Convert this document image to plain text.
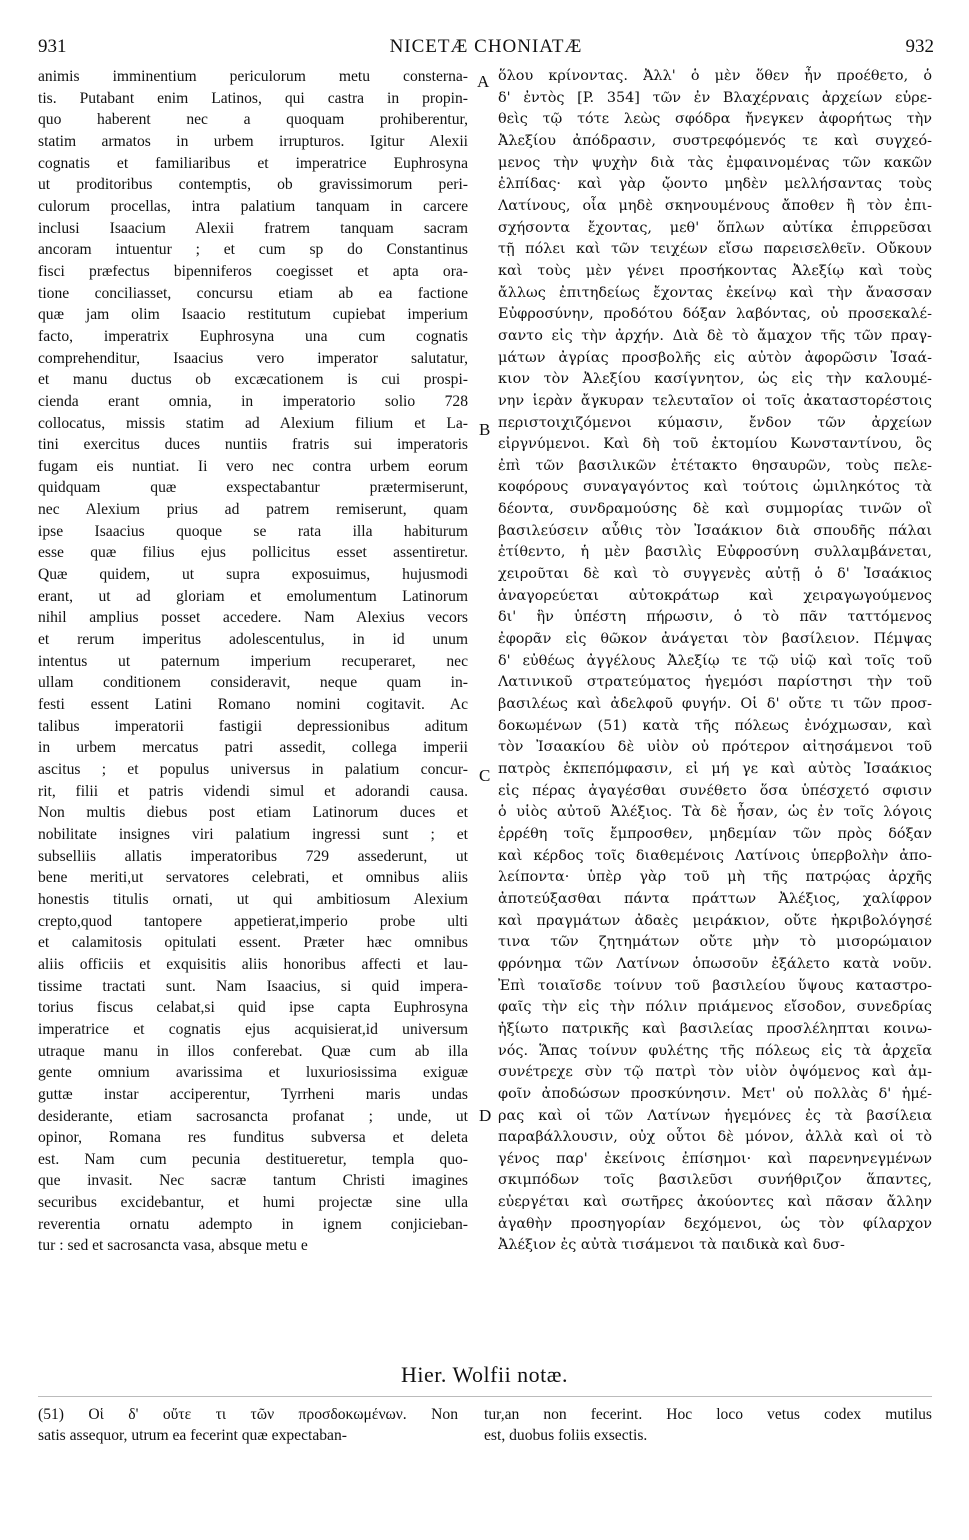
931	NICETÆ CHONIATÆ	932
animis imminentium periculorum metu consterna-
tis. Putabant enim Latinos, qui castra in propin-
quo haberent nec a quoquam prohiberentur,
statim armatos in urbem irrupturos. Igitur Alexii
cognatis et familiaribus et imperatrice Euphrosyna
ut proditoribus contemptis, ob gravissimorum peri-
culorum procellas, intra palatium tanquam in carcere
inclusi Isaacium Alexii fratrem tanquam sacram
ancoram intuentur ; et cum sp do Constantinus
fisci præfectus bipenniferos coegisset et apta ora-
tione conciliasset, concursu etiam ab ea factione
quæ jam olim Isaacio restitutum cupiebat imperium
facto, imperatrix Euphrosyna una cum cognatis
comprehenditur, Isaacius vero imperator salutatur,
et manu ductus ob excæcationem is cui prospi-
cienda erant omnia, in imperatorio solio 728
collocatus, missis statim ad Alexium filium et La-
tini exercitus duces nuntiis fratris sui imperatoris
fugam eis nuntiat. Ii vero nec contra urbem eorum
quidquam quæ exspectabantur prætermiserunt,
nec Alexium prius ad patrem remiserunt, quam
ipse Isaacius quoque se rata illa habiturum
esse quæ filius ejus pollicitus esset assentiretur.
Quæ quidem, ut supra exposuimus, hujusmodi
erant, ut ad gloriam et emolumentum Latinorum
nihil amplius posset accedere. Nam Alexius vecors
et rerum imperitus adolescentulus, in id unum
intentus ut paternum imperium recuperaret, nec
ullam conditionem consideravit, neque quam in-
festi essent Latini Romano nomini cogitavit. Ac
talibus imperatorii fastigii depressionibus aditum
in urbem mercatus patri assedit, collega imperii
ascitus ; et populus universus in palatium concur-
rit, filii et patris videndi simul et adorandi causa.
Non multis diebus post etiam Latinorum duces et
nobilitate insignes viri palatium ingressi sunt ; et
subselliis allatis imperatoribus 729 assederunt, ut
bene meriti,ut servatores celebrati, et omnibus aliis
honestis titulis ornati, ut qui ambitiosum Alexium
crepto,quod tantopere appetierat,imperio probe ulti
et calamitosis opitulati essent. Præter hæc omnibus
aliis officiis et exquisitis aliis honoribus affecti et lau-
tissime tractati sunt. Nam Isaacius, si quid impera-
torius fiscus celabat,si quid ipse capta Euphrosyna
imperatrice et cognatis ejus acquisierat,id universum
utraque manu in illos conferebat. Quæ cum ab illa
gente omnium avarissima et luxuriosissima exiguæ
guttæ instar acciperentur, Tyrrheni maris undas
desiderante, etiam sacrosancta profanat ; unde, ut
opinor, Romana res funditus subversa et deleta
est. Nam cum pecunia destitueretur, templa quo-
que invasit. Nec sacræ tantum Christi imagines
securibus excidebantur, et humi projectæ sine ulla
reverentia ornatu adempto in ignem conjicieban-
tur : sed et sacrosancta vasa, absque metu e
ὅλου κρίνοντας. Ἀλλ' ὁ μὲν ὅθεν ἦν προέθετο, ὁ
δ' ἐντὸς [P. 354] τῶν ἐν Βλαχέρναις ἀρχείων εὑρε-
θεὶς τῷ τότε λεὼς σφόδρα ἤνεγκεν ἀφορήτως τὴν
Ἀλεξίου ἀπόδρασιν, συστρεφόμενός τε καὶ συγχεό-
μενος τὴν ψυχὴν διὰ τὰς ἐμφαινομένας τῶν κακῶν
ἐλπίδας· καὶ γὰρ ᾤοντο μηδὲν μελλήσαντας τοὺς
Λατίνους, οἷα μηδὲ σκηνουμένους ἄποθεν ἢ τὸν ἐπι-
σχήσοντα ἔχοντας, μεθ' ὅπλων αὐτίκα ἐπιρρεῦσαι
τῇ πόλει καὶ τῶν τειχέων εἴσω παρεισελθεῖν. Οὔκουν
καὶ τοὺς μὲν γένει προσήκοντας Ἀλεξίῳ καὶ τοὺς
ἄλλως ἐπιτηδείως ἔχοντας ἐκείνῳ καὶ τὴν ἄνασσαν
Εὐφροσύνην, προδότου δόξαν λαβόντας, οὐ προσεκαλέ-
σαντο εἰς τὴν ἀρχήν. Διὰ δὲ τὸ ἄμαχον τῆς τῶν πραγ-
μάτων ἀγρίας προσβολῆς εἰς αὐτὸν ἀφορῶσιν Ἰσαά-
κιον τὸν Ἀλεξίου κασίγνητον, ὡς εἰς τὴν καλουμέ-
νην ἱερὰν ἄγκυραν τελευταῖον οἱ τοῖς ἀκαταστορέστοις
περιστοιχιζόμενοι κύμασιν, ἔνδον τῶν ἀρχείων
εἰργνύμενοι. Καὶ δὴ τοῦ ἐκτομίου Κωνσταντίνου, ὃς
ἐπὶ τῶν βασιλικῶν ἐτέτακτο θησαυρῶν, τοὺς πελε-
κοφόρους συναγαγόντος καὶ τούτοις ὡμιληκότος τὰ
δέοντα, συνδραμούσης δὲ καὶ συμμορίας τινῶν οἳ
βασιλεύσειν αὖθις τὸν Ἰσαάκιον διὰ σπουδῆς πάλαι
ἐτίθεντο, ἡ μὲν βασιλὶς Εὐφροσύνη συλλαμβάνεται,
χειροῦται δὲ καὶ τὸ συγγενὲς αὐτῇ ὁ δ' Ἰσαάκιος
ἀναγορεύεται αὐτοκράτωρ καὶ χειραγωγούμενος
δι' ἣν ὑπέστη πήρωσιν, ὁ τὸ πᾶν ταττόμενος
ἐφορᾶν εἰς θῶκον ἀνάγεται τὸν βασίλειον. Πέμψας
δ' εὐθέως ἀγγέλους Ἀλεξίῳ τε τῷ υἱῷ καὶ τοῖς τοῦ
Λατινικοῦ στρατεύματος ἡγεμόσι παρίστησι τὴν τοῦ
βασιλέως καὶ ἀδελφοῦ φυγήν. Οἱ δ' οὔτε τι τῶν προσ-
δοκωμένων (51) κατὰ τῆς πόλεως ἐνόχμωσαν, καὶ
τὸν Ἰσαακίου δὲ υἱὸν οὐ πρότερον αἰτησάμενοι τοῦ
πατρὸς ἐκπεπόμφασιν, εἰ μή γε καὶ αὐτὸς Ἰσαάκιος
εἰς πέρας ἀγαγέσθαι συνέθετο ὅσα ὑπέσχετό σφισιν
ὁ υἱὸς αὐτοῦ Ἀλέξιος. Τὰ δὲ ἦσαν, ὡς ἐν τοῖς λόγοις
ἐρρέθη τοῖς ἔμπροσθεν, μηδεμίαν τῶν πρὸς δόξαν
καὶ κέρδος τοῖς διαθεμένοις Λατίνοις ὑπερβολὴν ἀπο-
λείποντα· ὑπὲρ γὰρ τοῦ μὴ τῆς πατρῴας ἀρχῆς
ἀποτεύξασθαι πάντα πράττων Ἀλέξιος, χαλίφρον
καὶ πραγμάτων ἀδαὲς μειράκιον, οὔτε ἠκριβολόγησέ
τινα τῶν ζητημάτων οὔτε μὴν τὸ μισορώμαιον
φρόνημα τῶν Λατίνων ὁπωσοῦν ἐξάλετο κατὰ νοῦν.
Ἐπὶ τοιαῖσδε τοίνυν τοῦ βασιλείου ὕψους καταστρο-
φαῖς τὴν εἰς τὴν πόλιν πριάμενος εἴσοδον, συνεδρίας
ἠξίωτο πατρικῆς καὶ βασιλείας προσλέληπται κοινω-
νός. Ἅπας τοίνυν φυλέτης τῆς πόλεως εἰς τὰ ἀρχεῖα
συνέτρεχε σὺν τῷ πατρὶ τὸν υἱὸν ὀψόμενος καὶ ἀμ-
φοῖν ἀποδώσων προσκύνησιν. Μετ' οὐ πολλὰς δ' ἡμέ-
ρας καὶ οἱ τῶν Λατίνων ἡγεμόνες ἐς τὰ βασίλεια
παραβάλλουσιν, οὐχ οὗτοι δὲ μόνον, ἀλλὰ καὶ οἱ τὸ
γένος παρ' ἐκείνοις ἐπίσημοι· καὶ παρενηνεγμένων
σκιμπόδων τοῖς βασιλεῦσι συνήθριζον ἅπαντες,
εὐεργέται καὶ σωτῆρες ἀκούοντες καὶ πᾶσαν ἄλλην
ἀγαθὴν προσηγορίαν δεχόμενοι, ὡς τὸν φίλαρχον
Ἀλέξιον ἐς αὐτὰ τισάμενοι τὰ παιδικὰ καὶ δυσ-
A
B
C
D
Hier. Wolfii notæ.
(51) Οἱ δ' οὔτε τι τῶν προσδοκωμένων. Non
satis assequor, utrum ea fecerint quæ expectaban-
tur,an non fecerint. Hoc loco vetus codex mutilus
est, duobus foliis exsectis.
